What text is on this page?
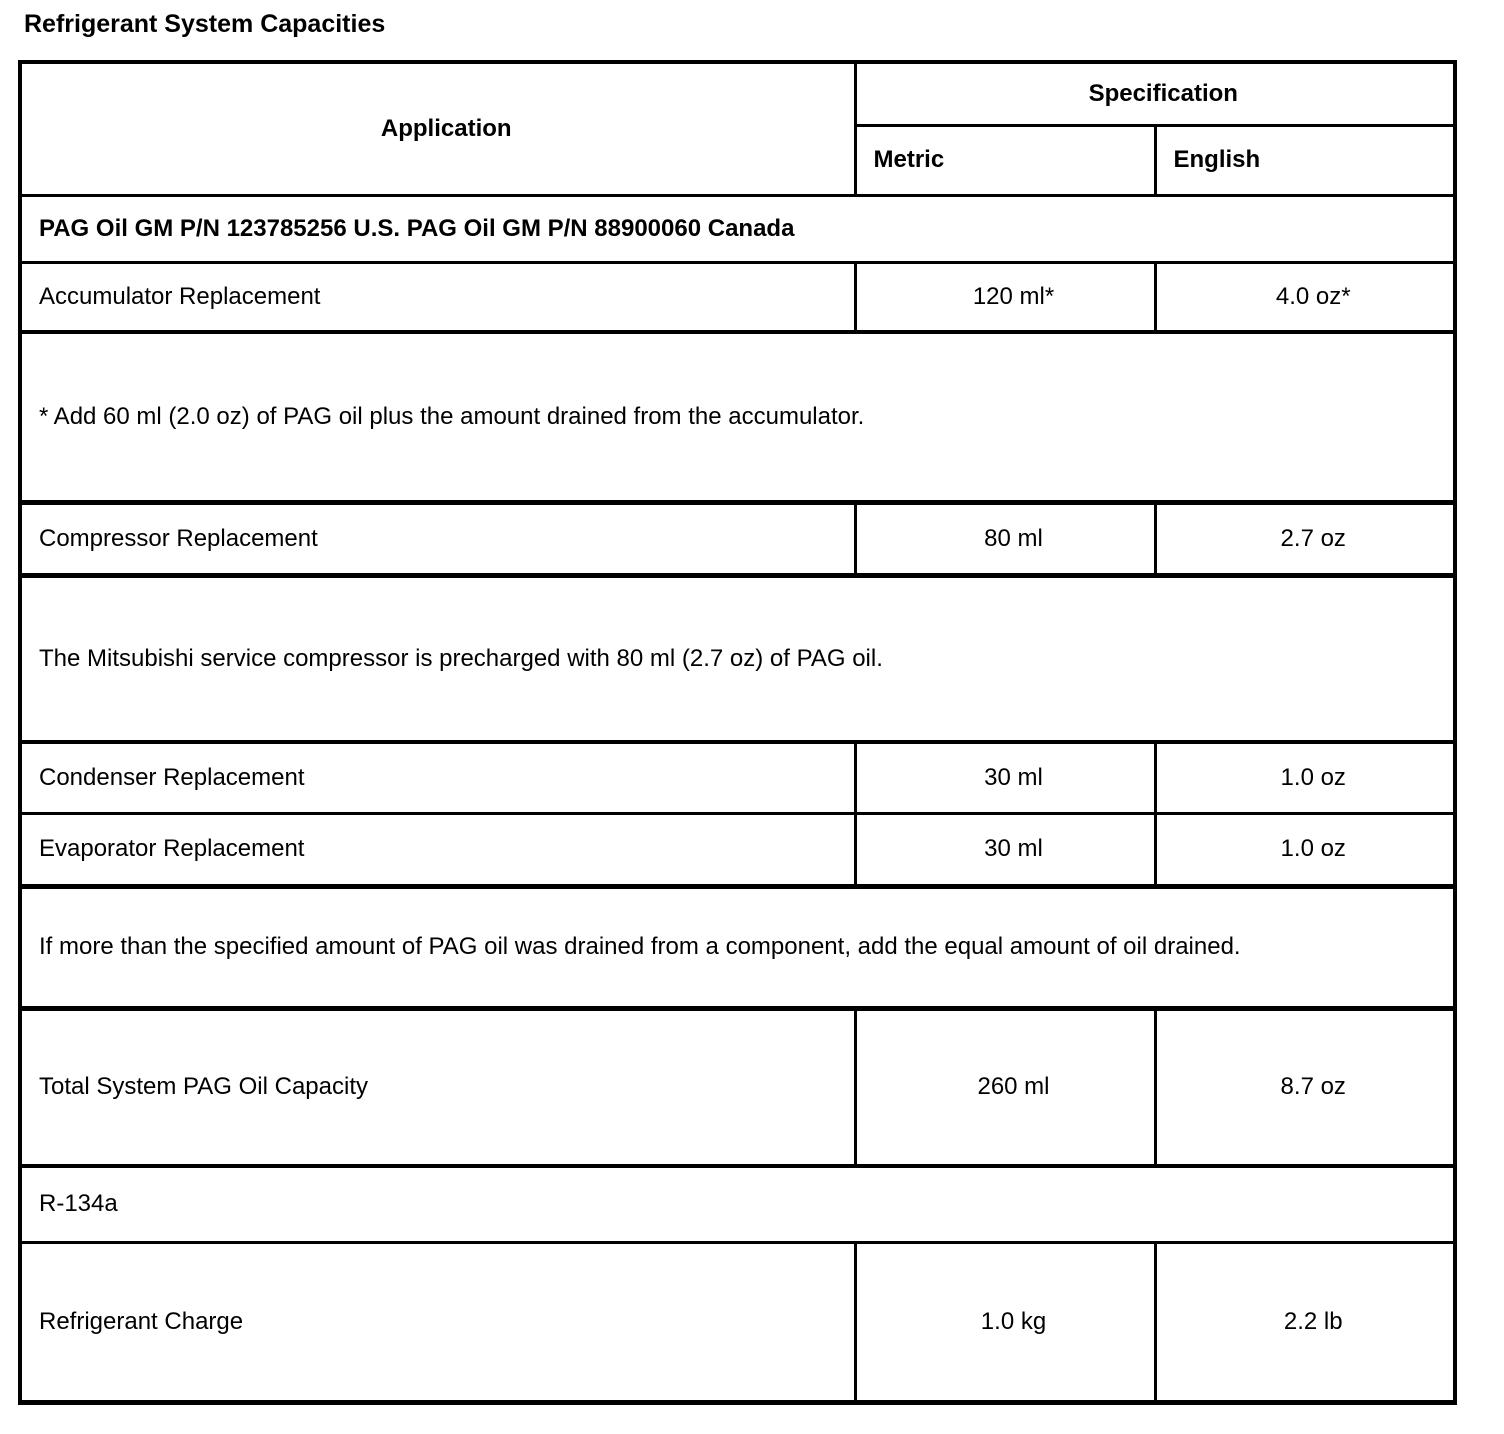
Refrigerant System Capacities
Application	Specification	
	Metric	English
PAG Oil GM P/N 123785256 U.S. PAG Oil GM P/N 88900060 Canada		
Accumulator Replacement	120 ml*	4.0 oz*
* Add 60 ml (2.0 oz) of PAG oil plus the amount drained from the accumulator.		
Compressor Replacement	80 ml	2.7 oz
The Mitsubishi service compressor is precharged with 80 ml (2.7 oz) of PAG oil.		
Condenser Replacement	30 ml	1.0 oz
Evaporator Replacement	30 ml	1.0 oz
If more than the specified amount of PAG oil was drained from a component, add the equal amount of oil drained.		
Total System PAG Oil Capacity	260 ml	8.7 oz
R-134a		
Refrigerant Charge	1.0 kg	2.2 lb
